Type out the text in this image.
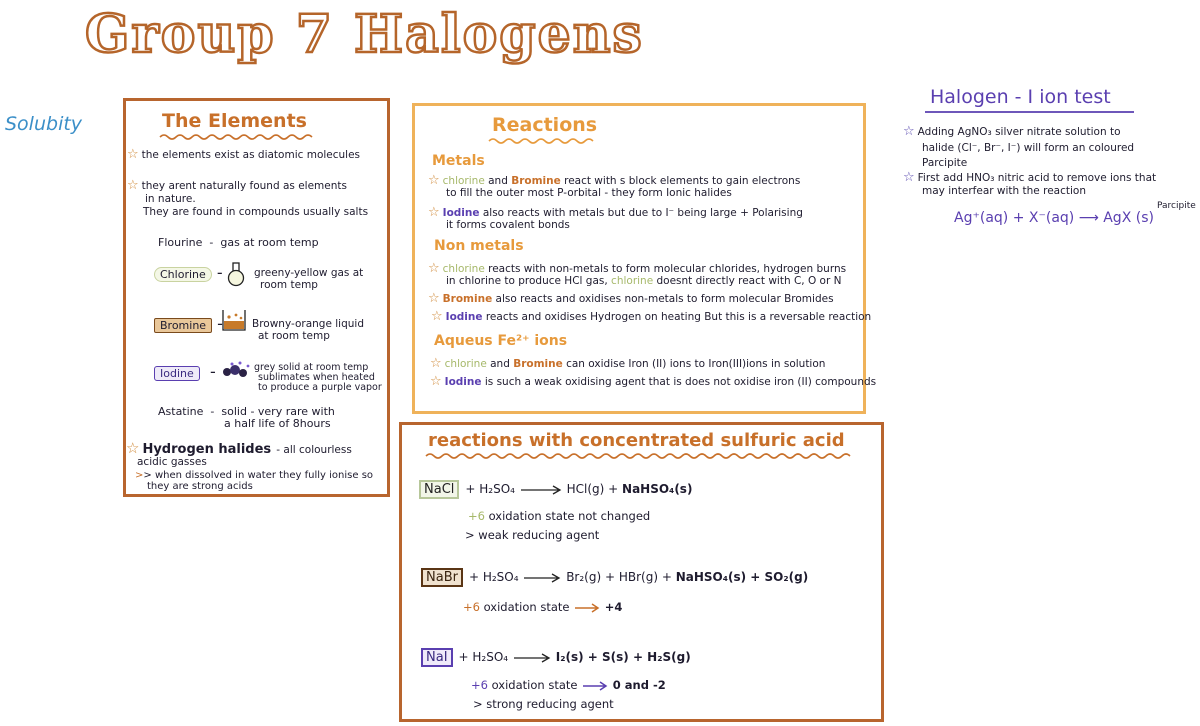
Group 7 Halogens
Solubity	The Elements
☆ the elements exist as diatomic molecules
☆ they arent naturally found as elements
in nature.
They are found in compounds usually salts
Flourine  -  gas at room temp
Chlorine -	greeny-yellow gas at
room temp
Bromine -	Browny-orange liquid
at room temp
Iodine  -	grey solid at room temp
sublimates when heated
to produce a purple vapor
Astatine  -  solid - very rare with
a half life of 8hours
☆ Hydrogen halides - all colourless
acidic gasses
>> when dissolved in water they fully ionise so
they are strong acids
Reactions
Metals
☆ chlorine and Bromine react with s block elements to gain electrons
to fill the outer most P-orbital - they form Ionic halides
☆ Iodine also reacts with metals but due to I⁻ being large + Polarising
it forms covalent bonds
Non metals
☆ chlorine reacts with non-metals to form molecular chlorides, hydrogen burns
in chlorine to produce HCl gas, chlorine doesnt directly react with C, O or N
☆ Bromine also reacts and oxidises non-metals to form molecular Bromides
☆ Iodine reacts and oxidises Hydrogen on heating But this is a reversable reaction
Aqueus Fe²⁺ ions
☆ chlorine and Bromine can oxidise Iron (II) ions to Iron(III)ions in solution
☆ Iodine is such a weak oxidising agent that is does not oxidise iron (II) compounds
Halogen - I ion test
☆ Adding AgNO₃ silver nitrate solution to
halide (Cl⁻, Br⁻, I⁻) will form an coloured
Parcipite
☆ First add HNO₃ nitric acid to remove ions that
may interfear with the reaction
Ag⁺(aq) + X⁻(aq) ⟶ AgX (s)
Parcipite
reactions with concentrated sulfuric acid
NaCl + H₂SO₄	HCl(g) + NaHSO₄(s)
+6 oxidation state not changed
> weak reducing agent
NaBr + H₂SO₄	Br₂(g) + HBr(g) + NaHSO₄(s) + SO₂(g)
+6 oxidation state	+4
NaI + H₂SO₄	I₂(s) + S(s) + H₂S(g)
+6 oxidation state	0 and -2
> strong reducing agent
